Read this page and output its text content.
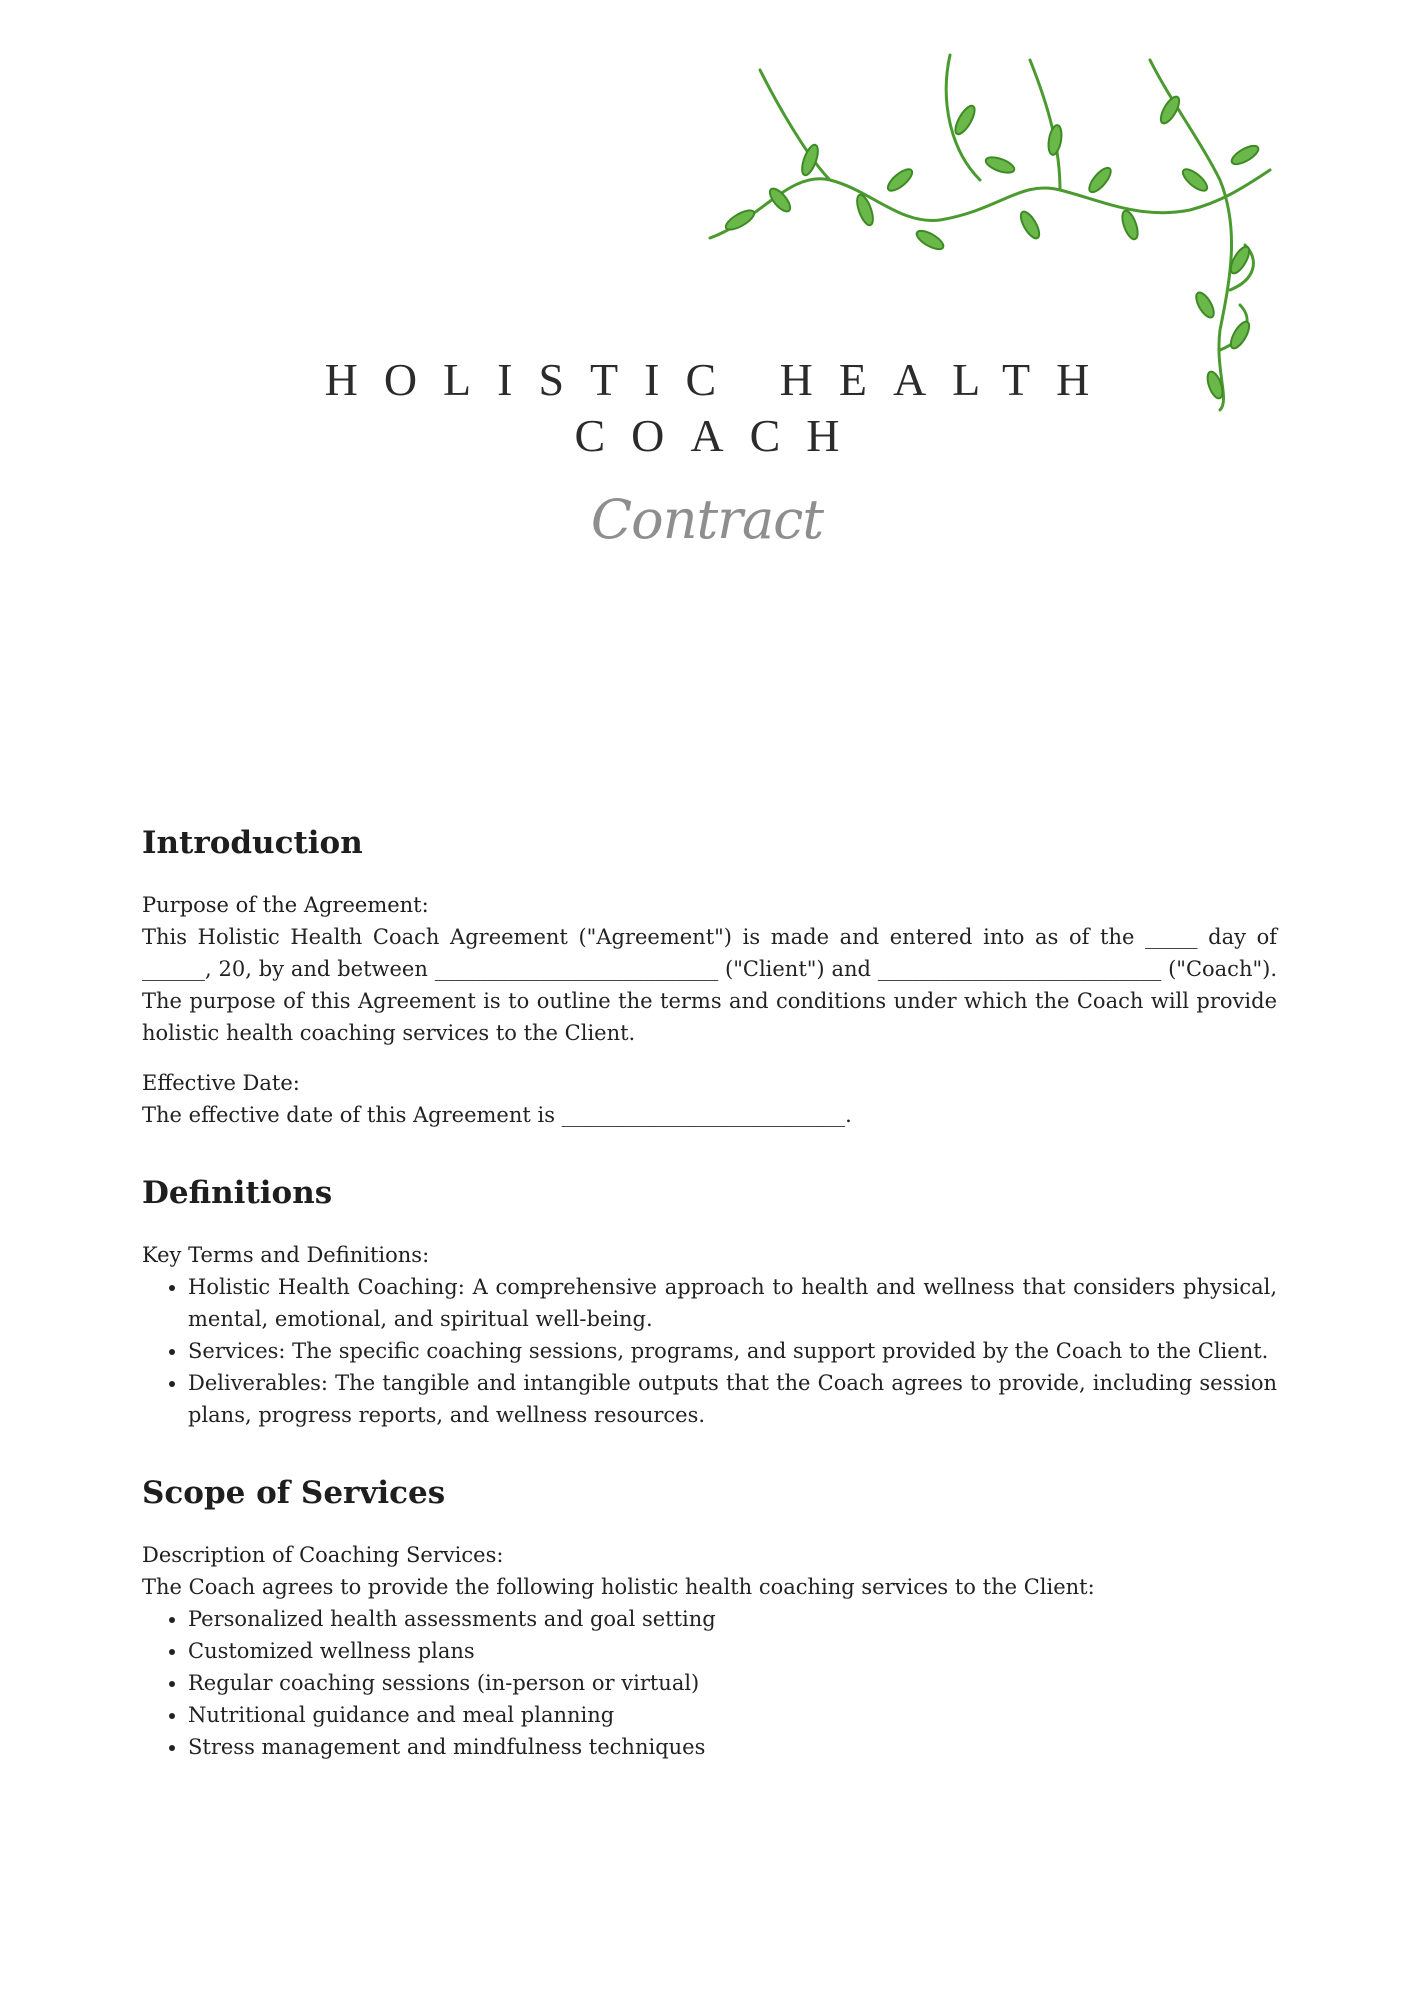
HOLISTIC HEALTH
COACH
Contract
Introduction
Purpose of the Agreement:

This Holistic Health Coach Agreement ("Agreement") is made and entered into as of the _____ day of ______, 20, by and between ___________________________ ("Client") and ___________________________ ("Coach"). The purpose of this Agreement is to outline the terms and conditions under which the Coach will provide holistic health coaching services to the Client.

Effective Date:

The effective date of this Agreement is ___________________________.

Definitions
Key Terms and Definitions:
• Holistic Health Coaching: A comprehensive approach to health and wellness that considers physical, mental, emotional, and spiritual well-being.
• Services: The specific coaching sessions, programs, and support provided by the Coach to the Client.
• Deliverables: The tangible and intangible outputs that the Coach agrees to provide, including session plans, progress reports, and wellness resources.
Scope of Services
Description of Coaching Services:

The Coach agrees to provide the following holistic health coaching services to the Client:

• Personalized health assessments and goal setting
• Customized wellness plans
• Regular coaching sessions (in-person or virtual)
• Nutritional guidance and meal planning
• Stress management and mindfulness techniques
